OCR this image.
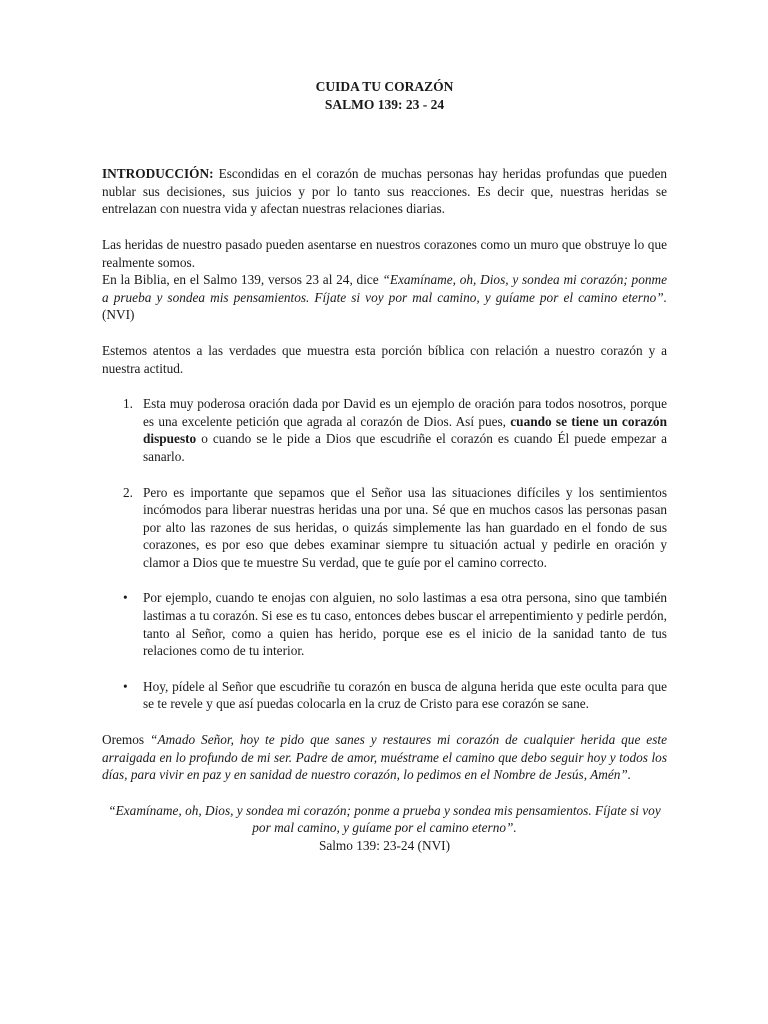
CUIDA TU CORAZÓN
SALMO 139: 23 - 24

INTRODUCCIÓN: Escondidas en el corazón de muchas personas hay heridas profundas que pueden nublar sus decisiones, sus juicios y por lo tanto sus reacciones. Es decir que, nuestras heridas se entrelazan con nuestra vida y afectan nuestras relaciones diarias.

Las heridas de nuestro pasado pueden asentarse en nuestros corazones como un muro que obstruye lo que realmente somos.

En la Biblia, en el Salmo 139, versos 23 al 24, dice “Examíname, oh, Dios, y sondea mi corazón; ponme a prueba y sondea mis pensamientos. Fíjate si voy por mal camino, y guíame por el camino eterno”. (NVI)

Estemos atentos a las verdades que muestra esta porción bíblica con relación a nuestro corazón y a nuestra actitud.

1. Esta muy poderosa oración dada por David es un ejemplo de oración para todos nosotros, porque es una excelente petición que agrada al corazón de Dios. Así pues, cuando se tiene un corazón dispuesto o cuando se le pide a Dios que escudriñe el corazón es cuando Él puede empezar a sanarlo.
2. Pero es importante que sepamos que el Señor usa las situaciones difíciles y los sentimientos incómodos para liberar nuestras heridas una por una. Sé que en muchos casos las personas pasan por alto las razones de sus heridas, o quizás simplemente las han guardado en el fondo de sus corazones, es por eso que debes examinar siempre tu situación actual y pedirle en oración y clamor a Dios que te muestre Su verdad, que te guíe por el camino correcto.
• Por ejemplo, cuando te enojas con alguien, no solo lastimas a esa otra persona, sino que también lastimas a tu corazón. Si ese es tu caso, entonces debes buscar el arrepentimiento y pedirle perdón, tanto al Señor, como a quien has herido, porque ese es el inicio de la sanidad tanto de tus relaciones como de tu interior.
• Hoy, pídele al Señor que escudriñe tu corazón en busca de alguna herida que este oculta para que se te revele y que así puedas colocarla en la cruz de Cristo para ese corazón se sane.

Oremos “Amado Señor, hoy te pido que sanes y restaures mi corazón de cualquier herida que este arraigada en lo profundo de mi ser. Padre de amor, muéstrame el camino que debo seguir hoy y todos los días, para vivir en paz y en sanidad de nuestro corazón, lo pedimos en el Nombre de Jesús, Amén”.

“Examíname, oh, Dios, y sondea mi corazón; ponme a prueba y sondea mis pensamientos. Fíjate si voy por mal camino, y guíame por el camino eterno”.
Salmo 139: 23-24 (NVI)
